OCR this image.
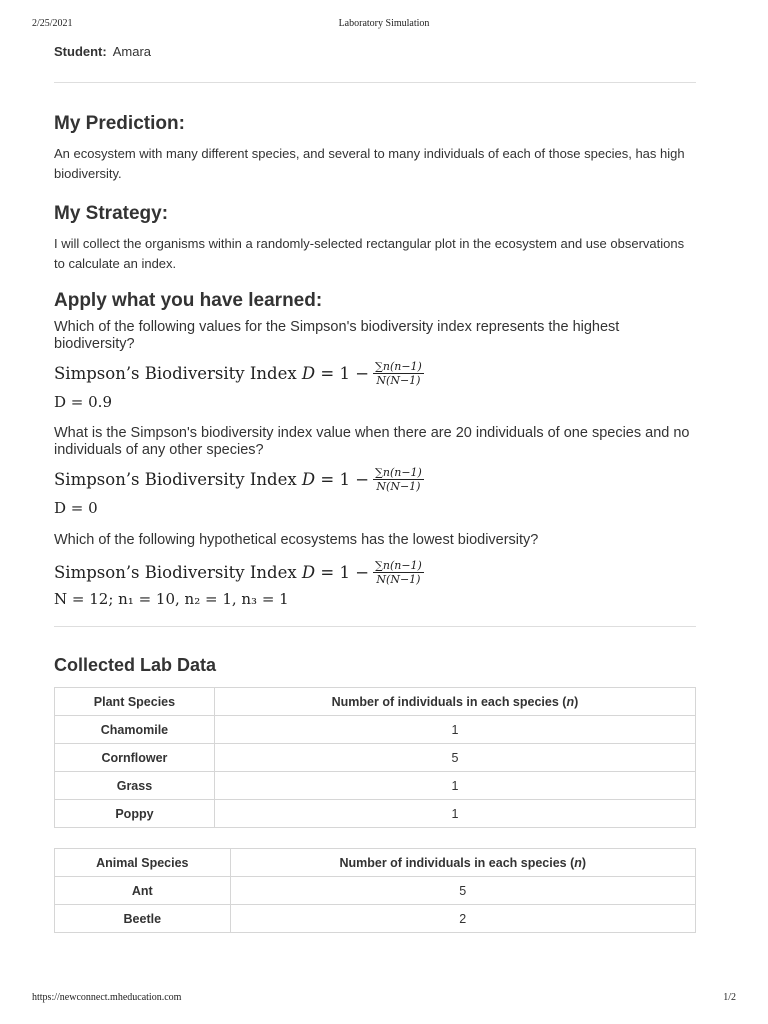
2/25/2021	Laboratory Simulation
Student: Amara
My Prediction:

An ecosystem with many different species, and several to many individuals of each of those species, has high biodiversity.

My Strategy:

I will collect the organisms within a randomly-selected rectangular plot in the ecosystem and use observations to calculate an index.

Apply what you have learned:

Which of the following values for the Simpson's biodiversity index represents the highest biodiversity?

Simpson’s Biodiversity Index
D
= $1 - \frac{\sum n(n-1)}{N(N-1)}$
D = 0.9

What is the Simpson's biodiversity index value when there are 20 individuals of one species and no individuals of any other species?

Simpson’s Biodiversity Index
D
= $1 - \frac{\sum n(n-1)}{N(N-1)}$
D = 0

Which of the following hypothetical ecosystems has the lowest biodiversity?

Simpson’s Biodiversity Index
D
= $1 - \frac{\sum n(n-1)}{N(N-1)}$
N = 12; n₁ = 10, n₂ = 1, n₃ = 1
Collected Lab Data
Plant Species	Number of individuals in each species (n)
Chamomile	1
Cornflower	5
Grass	1
Poppy	1
Animal Species	Number of individuals in each species (n)
Ant	5
Beetle	2
https://newconnect.mheducation.com	1/2
